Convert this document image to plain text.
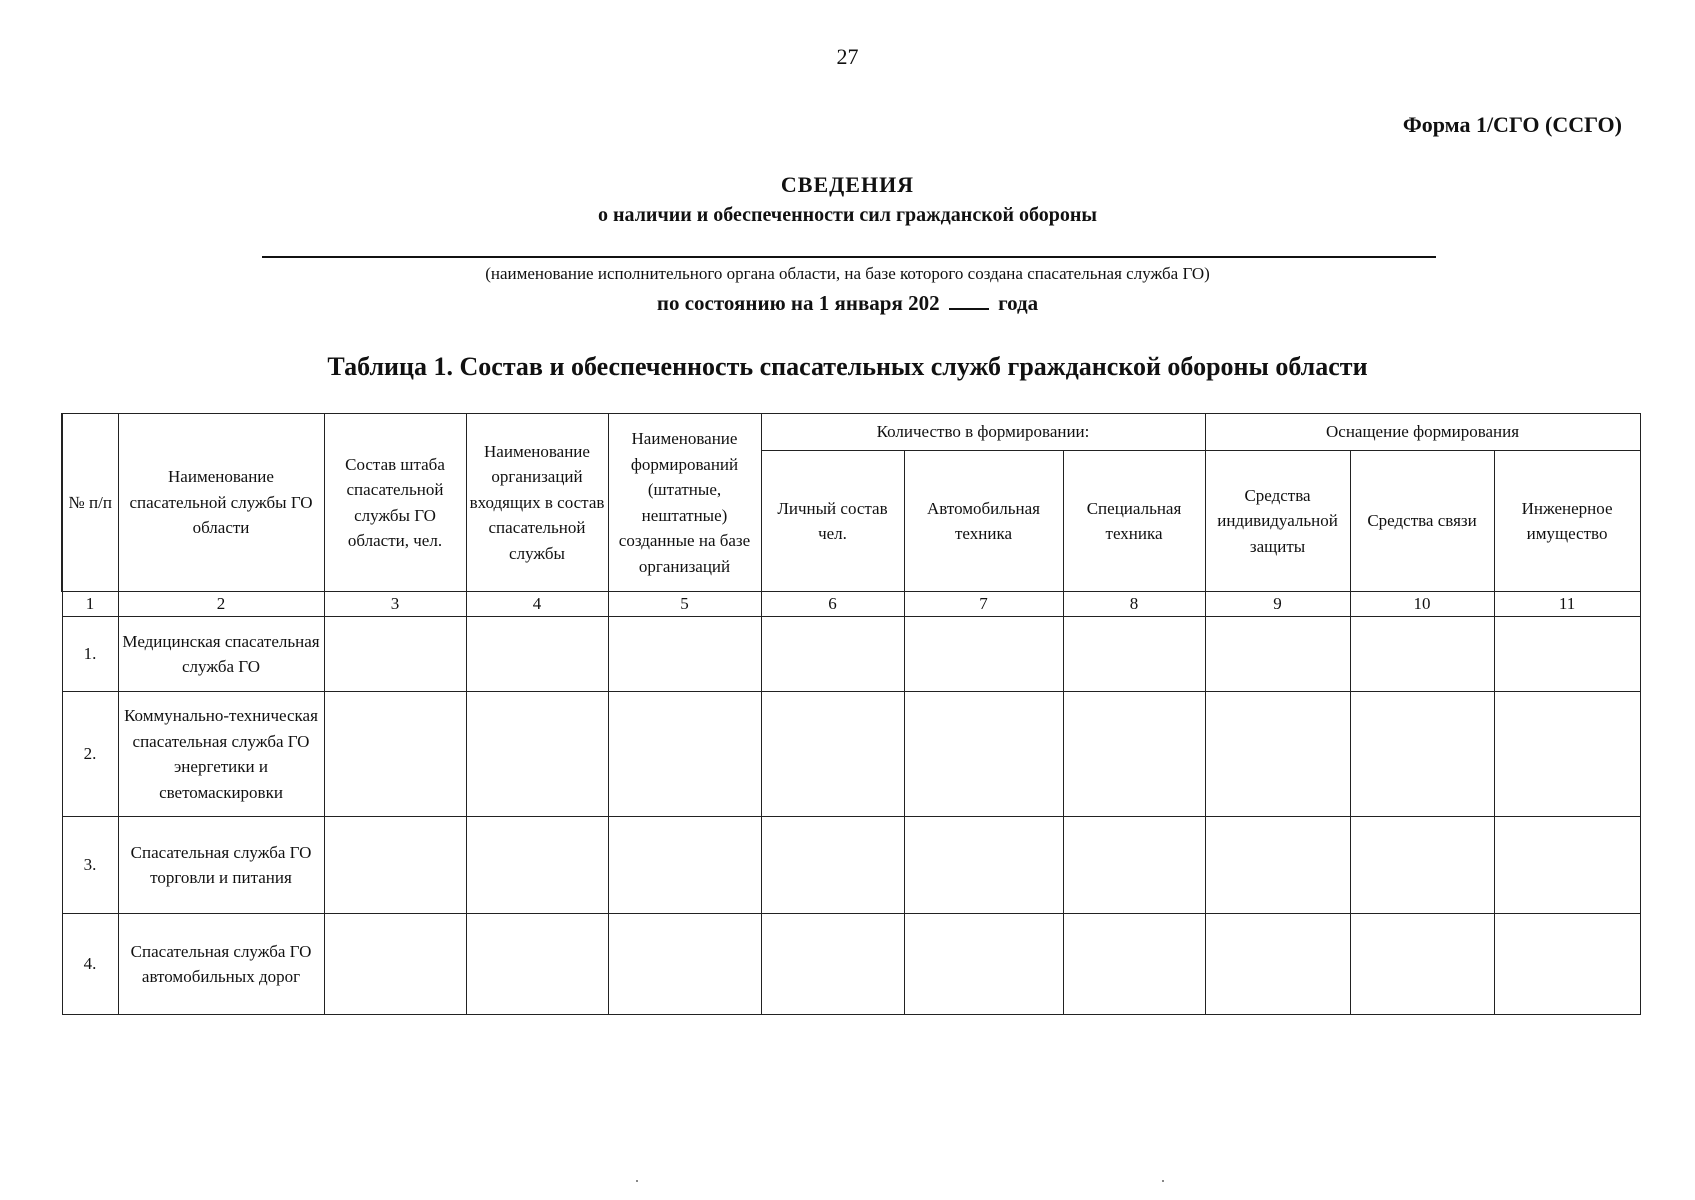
27
Форма 1/СГО (ССГО)
СВЕДЕНИЯ
о наличии и обеспеченности сил гражданской обороны
(наименование исполнительного органа области, на базе которого создана спасательная служба ГО)
по состоянию на 1 января 202	года
Таблица 1. Состав и обеспеченность спасательных служб гражданской обороны области
№ п/п	Наименование спасательной службы ГО области	Состав штаба спасательной службы ГО области, чел.	Наименование организаций входящих в состав спасательной службы	Наименование формирований (штатные, нештатные) созданные на базе организаций	Количество в формировании:			Оснащение формирования		
					Личный состав чел.	Автомобильная техника	Специальная техника	Средства индивидуальной защиты	Средства связи	Инженерное имущество
1	2	3	4	5	6	7	8	9	10	11
1.	Медицинская спасательная служба ГО									
2.	Коммунально-техническая спасательная служба ГО энергетики и светомаскировки									
3.	Спасательная служба ГО торговли и питания									
4.	Спасательная служба ГО автомобильных дорог									
